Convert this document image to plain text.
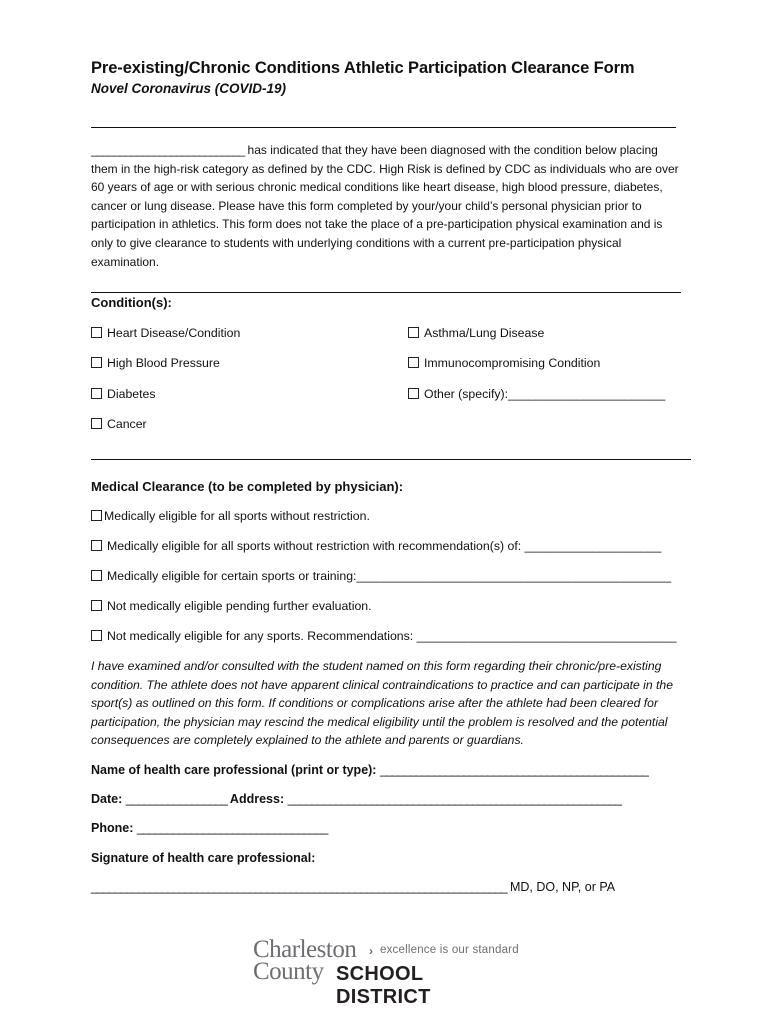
Pre-existing/Chronic Conditions Athletic Participation Clearance Form
Novel Coronavirus (COVID-19)
___________________________ has indicated that they have been diagnosed with the condition below placing them in the high-risk category as defined by the CDC. High Risk is defined by CDC as individuals who are over 60 years of age or with serious chronic medical conditions like heart disease, high blood pressure, diabetes, cancer or lung disease. Please have this form completed by your/your child’s personal physician prior to participation in athletics. This form does not take the place of a pre-participation physical examination and is only to give clearance to students with underlying conditions with a current pre-participation physical examination.
Condition(s):
Heart Disease/Condition
High Blood Pressure
Diabetes
Cancer
Asthma/Lung Disease
Immunocompromising Condition
Other (specify):_______________________
Medical Clearance (to be completed by physician):
Medically eligible for all sports without restriction.
Medically eligible for all sports without restriction with recommendation(s) of: ____________________
Medically eligible for certain sports or training:______________________________________________
Not medically eligible pending further evaluation.
Not medically eligible for any sports. Recommendations: ______________________________________
I have examined and/or consulted with the student named on this form regarding their chronic/pre-existing condition. The athlete does not have apparent clinical contraindications to practice and can participate in the sport(s) as outlined on this form. If conditions or complications arise after the athlete had been cleared for participation, the physician may rescind the medical eligibility until the problem is resolved and the potential consequences are completely explained to the athlete and parents or guardians.
Name of health care professional (print or type): _____________________________________________
Date: _________________ Address: ________________________________________________________
Phone: ________________________________
Signature of health care professional:
_______________________________________________________________________ MD, DO, NP, or PA
Charleston › excellence is our standard
County SCHOOL DISTRICT
